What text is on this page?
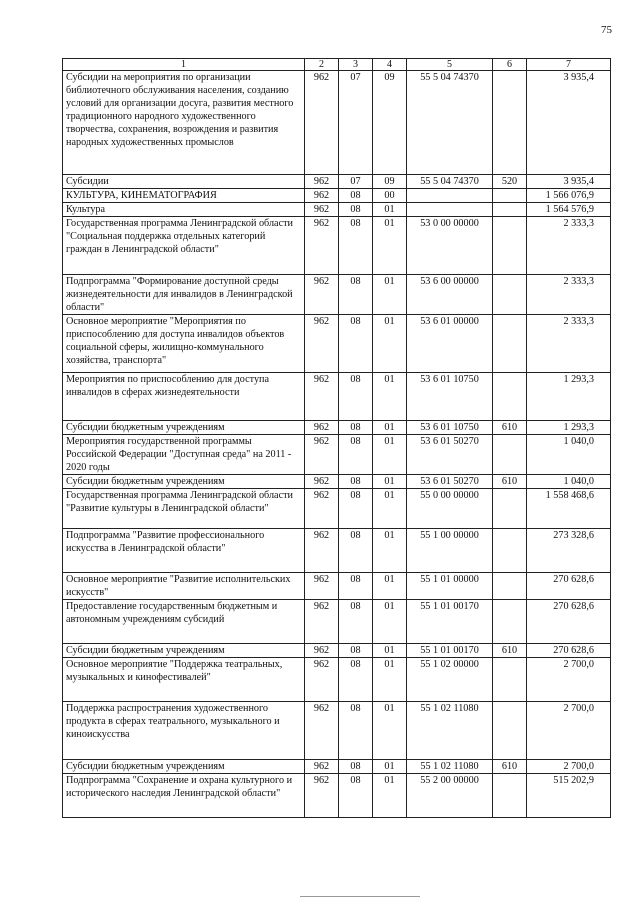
75
1	2	3	4	5	6	7
Субсидии на мероприятия по организации библиотечного обслуживания населения, созданию условий для организации досуга, развития местного традиционного народного художественного творчества, сохранения, возрождения и развития народных художественных промыслов	962	07	09	55 5 04 74370		3 935,4
Субсидии	962	07	09	55 5 04 74370	520	3 935,4
КУЛЬТУРА, КИНЕМАТОГРАФИЯ	962	08	00			1 566 076,9
Культура	962	08	01			1 564 576,9
Государственная программа Ленинградской области "Социальная поддержка отдельных категорий граждан в Ленинградской области"	962	08	01	53 0 00 00000		2 333,3
Подпрограмма "Формирование доступной среды жизнедеятельности для инвалидов в Ленинградской области"	962	08	01	53 6 00 00000		2 333,3
Основное мероприятие "Мероприятия по приспособлению для доступа инвалидов объектов социальной сферы, жилищно-коммунального хозяйства, транспорта"	962	08	01	53 6 01 00000		2 333,3
Мероприятия по приспособлению для доступа инвалидов в сферах жизнедеятельности	962	08	01	53 6 01 10750		1 293,3
Субсидии бюджетным учреждениям	962	08	01	53 6 01 10750	610	1 293,3
Мероприятия государственной программы Российской Федерации "Доступная среда" на 2011 - 2020 годы	962	08	01	53 6 01 50270		1 040,0
Субсидии бюджетным учреждениям	962	08	01	53 6 01 50270	610	1 040,0
Государственная программа Ленинградской области "Развитие культуры в Ленинградской области"	962	08	01	55 0 00 00000		1 558 468,6
Подпрограмма "Развитие профессионального искусства в Ленинградской области"	962	08	01	55 1 00 00000		273 328,6
Основное мероприятие "Развитие исполнительских искусств"	962	08	01	55 1 01 00000		270 628,6
Предоставление государственным бюджетным и автономным учреждениям субсидий	962	08	01	55 1 01 00170		270 628,6
Субсидии бюджетным учреждениям	962	08	01	55 1 01 00170	610	270 628,6
Основное мероприятие "Поддержка театральных, музыкальных и кинофестивалей"	962	08	01	55 1 02 00000		2 700,0
Поддержка распространения художественного продукта в сферах театрального, музыкального и киноискусства	962	08	01	55 1 02 11080		2 700,0
Субсидии бюджетным учреждениям	962	08	01	55 1 02 11080	610	2 700,0
Подпрограмма "Сохранение и охрана культурного и исторического наследия Ленинградской области"	962	08	01	55 2 00 00000		515 202,9
